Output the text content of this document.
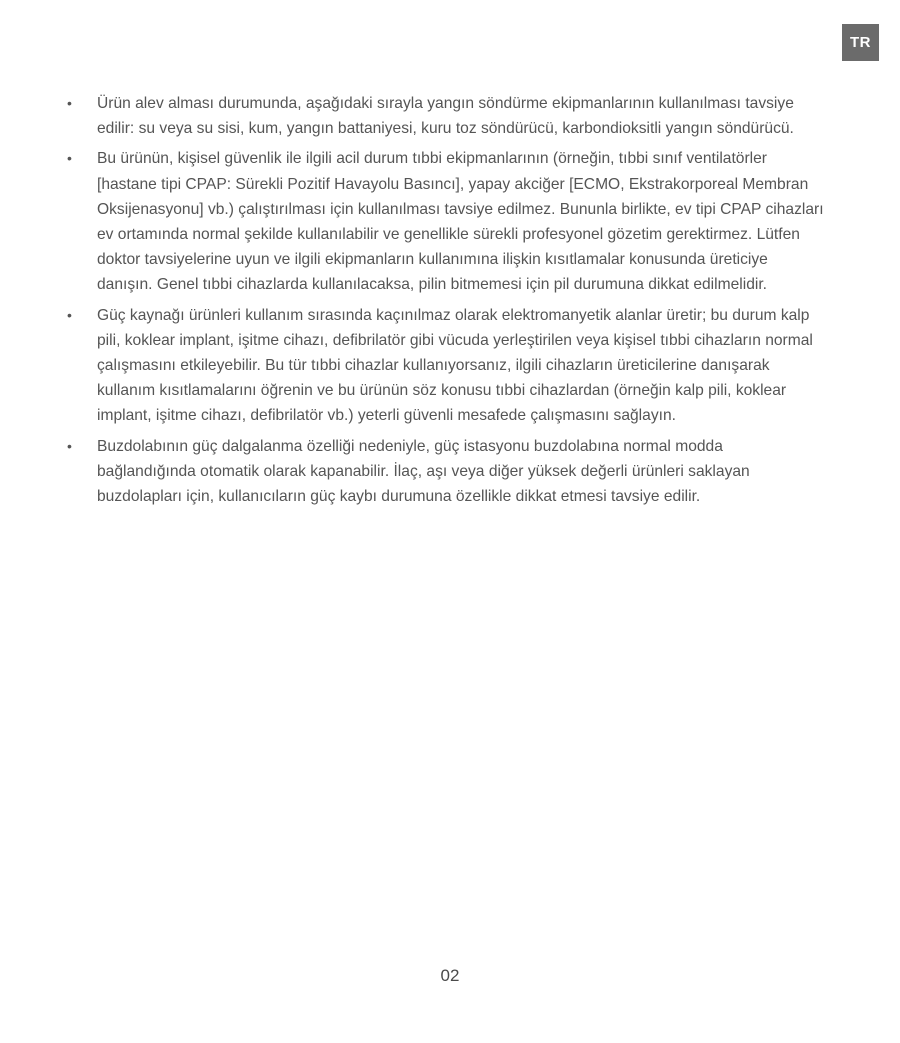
TR
•	Ürün alev alması durumunda, aşağıdaki sırayla yangın söndürme ekipmanlarının kullanılması tavsiye edilir: su veya su sisi, kum, yangın battaniyesi, kuru toz söndürücü, karbondioksitli yangın söndürücü.
•	Bu ürünün, kişisel güvenlik ile ilgili acil durum tıbbi ekipmanlarının (örneğin, tıbbi sınıf ventilatörler [hastane tipi CPAP: Sürekli Pozitif Havayolu Basıncı], yapay akciğer [ECMO, Ekstrakorporeal Membran Oksijenasyonu] vb.) çalıştırılması için kullanılması tavsiye edilmez. Bununla birlikte, ev tipi CPAP cihazları ev ortamında normal şekilde kullanılabilir ve genellikle sürekli profesyonel gözetim gerektirmez. Lütfen doktor tavsiyelerine uyun ve ilgili ekipmanların kullanımına ilişkin kısıtlamalar konusunda üreticiye danışın. Genel tıbbi cihazlarda kullanılacaksa, pilin bitmemesi için pil durumuna dikkat edilmelidir.
•	Güç kaynağı ürünleri kullanım sırasında kaçınılmaz olarak elektromanyetik alanlar üretir; bu durum kalp pili, koklear implant, işitme cihazı, defibrilatör gibi vücuda yerleştirilen veya kişisel tıbbi cihazların normal çalışmasını etkileyebilir. Bu tür tıbbi cihazlar kullanıyorsanız, ilgili cihazların üreticilerine danışarak kullanım kısıtlamalarını öğrenin ve bu ürünün söz konusu tıbbi cihazlardan (örneğin kalp pili, koklear implant, işitme cihazı, defibrilatör vb.) yeterli güvenli mesafede çalışmasını sağlayın.
•	Buzdolabının güç dalgalanma özelliği nedeniyle, güç istasyonu buzdolabına normal modda bağlandığında otomatik olarak kapanabilir. İlaç, aşı veya diğer yüksek değerli ürünleri saklayan buzdolapları için, kullanıcıların güç kaybı durumuna özellikle dikkat etmesi tavsiye edilir.
02
